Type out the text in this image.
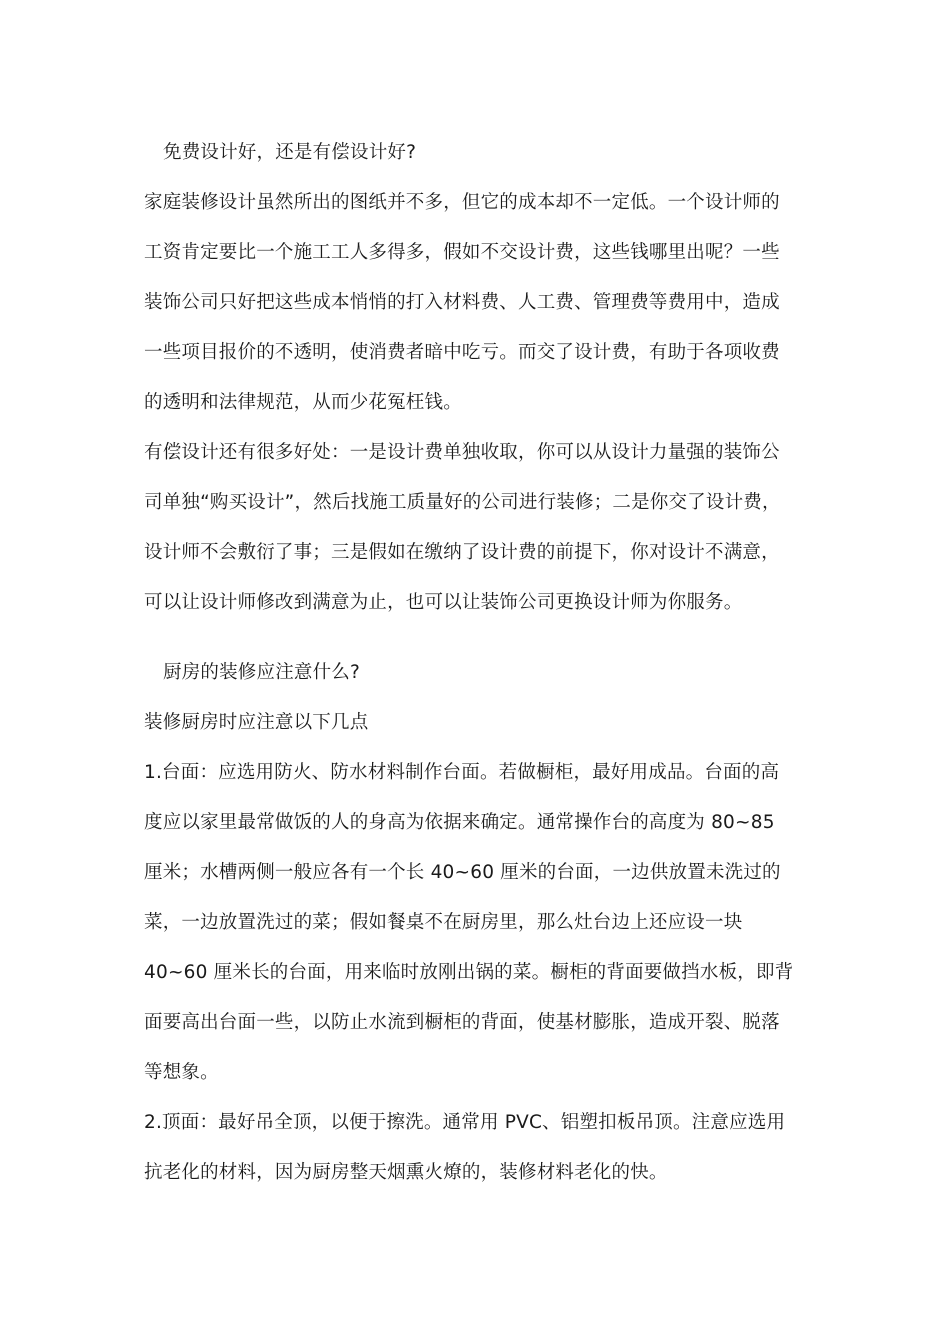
免费设计好，还是有偿设计好?
家庭装修设计虽然所出的图纸并不多，但它的成本却不一定低。一个设计师的
工资肯定要比一个施工工人多得多，假如不交设计费，这些钱哪里出呢？一些
装饰公司只好把这些成本悄悄的打入材料费、人工费、管理费等费用中，造成
一些项目报价的不透明，使消费者暗中吃亏。而交了设计费，有助于各项收费
的透明和法律规范，从而少花冤枉钱。
有偿设计还有很多好处：一是设计费单独收取，你可以从设计力量强的装饰公
司单独“购买设计”，然后找施工质量好的公司进行装修；二是你交了设计费，
设计师不会敷衍了事；三是假如在缴纳了设计费的前提下，你对设计不满意，
可以让设计师修改到满意为止，也可以让装饰公司更换设计师为你服务。
厨房的装修应注意什么?
装修厨房时应注意以下几点
1.台面：应选用防火、防水材料制作台面。若做橱柜，最好用成品。台面的高
度应以家里最常做饭的人的身高为依据来确定。通常操作台的高度为 80~85
厘米；水槽两侧一般应各有一个长 40~60 厘米的台面，一边供放置未洗过的
菜，一边放置洗过的菜；假如餐桌不在厨房里，那么灶台边上还应设一块
40~60 厘米长的台面，用来临时放刚出锅的菜。橱柜的背面要做挡水板，即背
面要高出台面一些，以防止水流到橱柜的背面，使基材膨胀，造成开裂、脱落
等想象。
2.顶面：最好吊全顶，以便于擦洗。通常用 PVC、铝塑扣板吊顶。注意应选用
抗老化的材料，因为厨房整天烟熏火燎的，装修材料老化的快。
